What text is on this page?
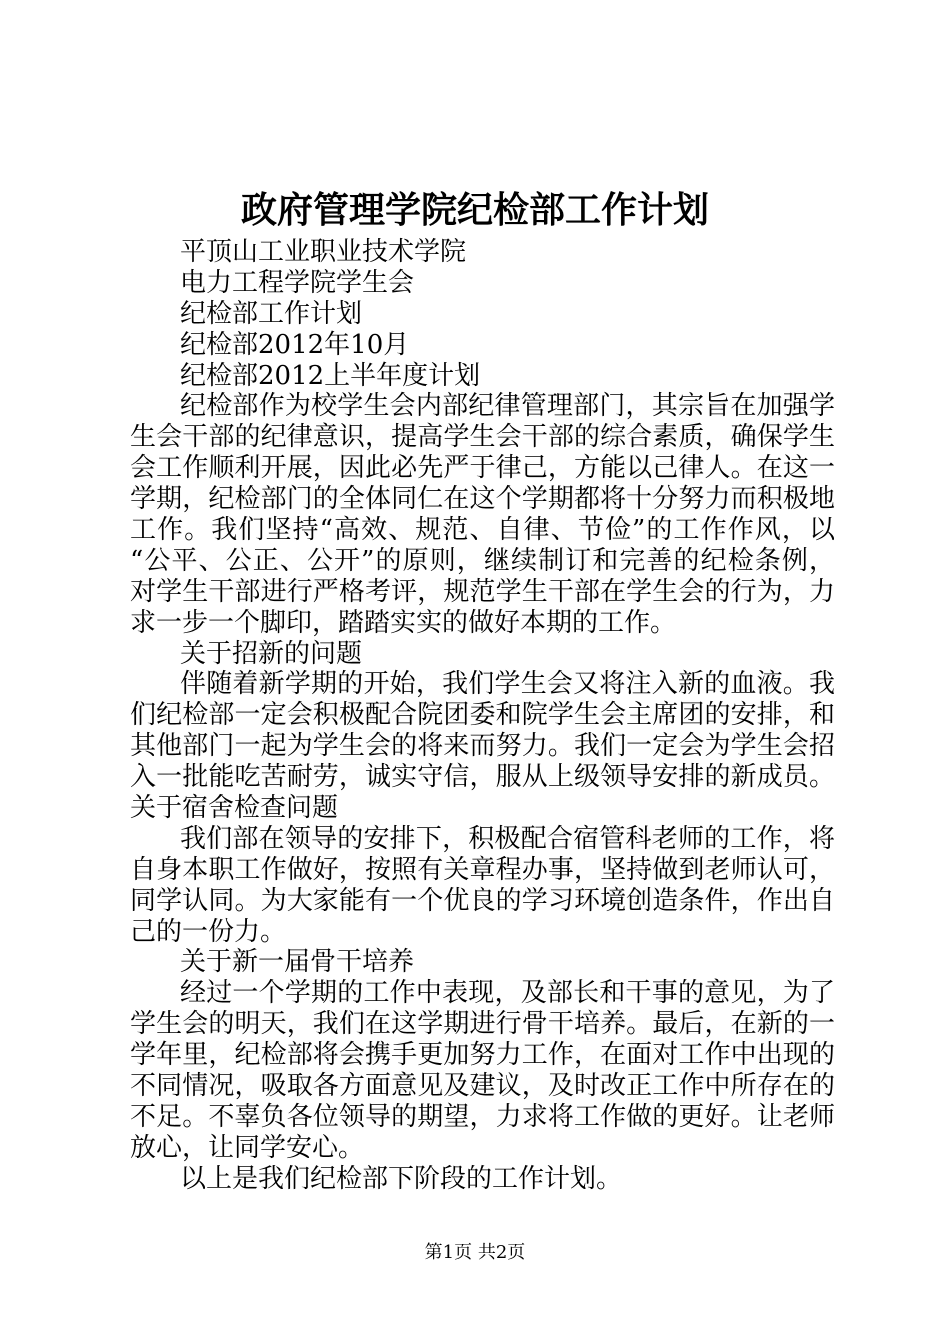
政府管理学院纪检部工作计划
平顶山工业职业技术学院
电力工程学院学生会
纪检部工作计划
纪检部2012年10月
纪检部2012上半年度计划
纪检部作为校学生会内部纪律管理部门，其宗旨在加强学
生会干部的纪律意识，提高学生会干部的综合素质，确保学生
会工作顺利开展，因此必先严于律己，方能以己律人。在这一
学期，纪检部门的全体同仁在这个学期都将十分努力而积极地
工作。我们坚持“高效、规范、自律、节俭”的工作作风，以
“公平、公正、公开”的原则，继续制订和完善的纪检条例，
对学生干部进行严格考评，规范学生干部在学生会的行为，力
求一步一个脚印，踏踏实实的做好本期的工作。
关于招新的问题
伴随着新学期的开始，我们学生会又将注入新的血液。我
们纪检部一定会积极配合院团委和院学生会主席团的安排，和
其他部门一起为学生会的将来而努力。我们一定会为学生会招
入一批能吃苦耐劳，诚实守信，服从上级领导安排的新成员。
关于宿舍检查问题
我们部在领导的安排下，积极配合宿管科老师的工作，将
自身本职工作做好，按照有关章程办事，坚持做到老师认可，
同学认同。为大家能有一个优良的学习环境创造条件，作出自
己的一份力。
关于新一届骨干培养
经过一个学期的工作中表现，及部长和干事的意见，为了
学生会的明天，我们在这学期进行骨干培养。最后，在新的一
学年里，纪检部将会携手更加努力工作，在面对工作中出现的
不同情况，吸取各方面意见及建议，及时改正工作中所存在的
不足。不辜负各位领导的期望，力求将工作做的更好。让老师
放心，让同学安心。
以上是我们纪检部下阶段的工作计划。
第1页 共2页
